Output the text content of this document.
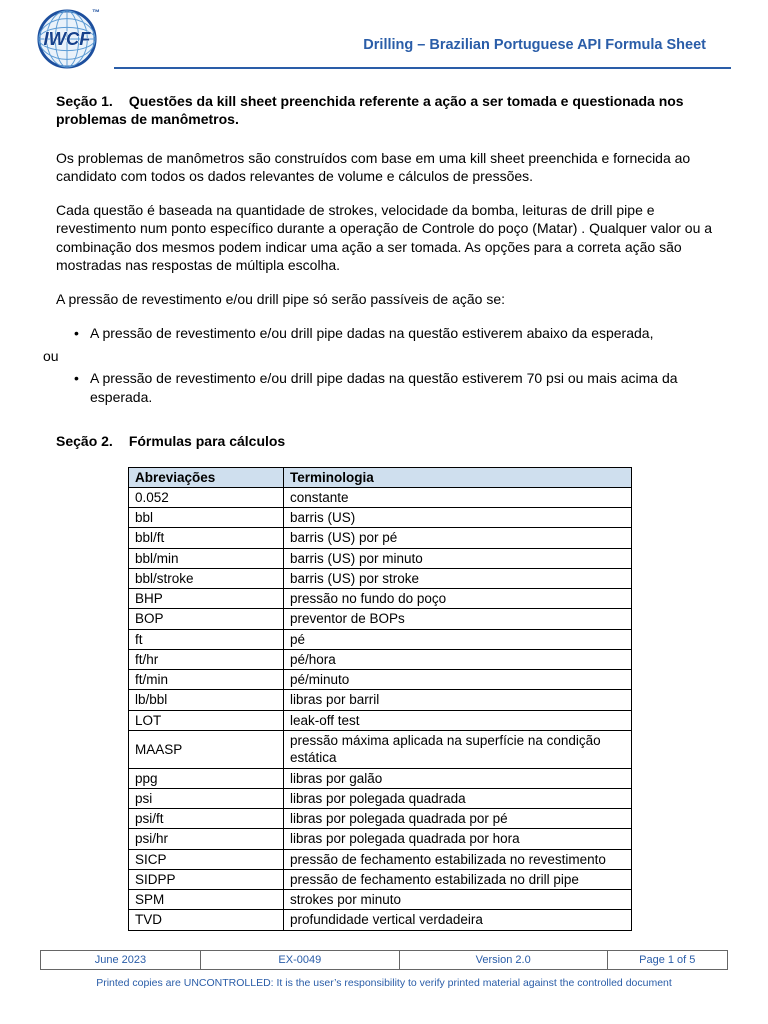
IWCF
™
Drilling – Brazilian Portuguese API Formula Sheet
Seção 1. Questões da kill sheet preenchida referente a ação a ser tomada e questionada nos problemas de manômetros.

Os problemas de manômetros são construídos com base em uma kill sheet preenchida e fornecida ao candidato com todos os dados relevantes de volume e cálculos de pressões.

Cada questão é baseada na quantidade de strokes, velocidade da bomba, leituras de drill pipe e revestimento num ponto específico durante a operação de Controle do poço (Matar) . Qualquer valor ou a combinação dos mesmos podem indicar uma ação a ser tomada. As opções para a correta ação são mostradas nas respostas de múltipla escolha.

A pressão de revestimento e/ou drill pipe só serão passíveis de ação se:

• A pressão de revestimento e/ou drill pipe dadas na questão estiverem abaixo da esperada,
ou
• A pressão de revestimento e/ou drill pipe dadas na questão estiverem 70 psi ou mais acima da esperada.
Seção 2. Fórmulas para cálculos
Abreviações	Terminologia
0.052	constante
bbl	barris (US)
bbl/ft	barris (US) por pé
bbl/min	barris (US) por minuto
bbl/stroke	barris (US) por stroke
BHP	pressão no fundo do poço
BOP	preventor de BOPs
ft	pé
ft/hr	pé/hora
ft/min	pé/minuto
lb/bbl	libras por barril
LOT	leak-off test
MAASP	pressão máxima aplicada na superfície na condição estática
ppg	libras por galão
psi	libras por polegada quadrada
psi/ft	libras por polegada quadrada por pé
psi/hr	libras por polegada quadrada por hora
SICP	pressão de fechamento estabilizada no revestimento
SIDPP	pressão de fechamento estabilizada no drill pipe
SPM	strokes por minuto
TVD	profundidade vertical verdadeira
June 2023	EX-0049	Version 2.0	Page 1 of 5
Printed copies are UNCONTROLLED: It is the user’s responsibility to verify printed material against the controlled document
